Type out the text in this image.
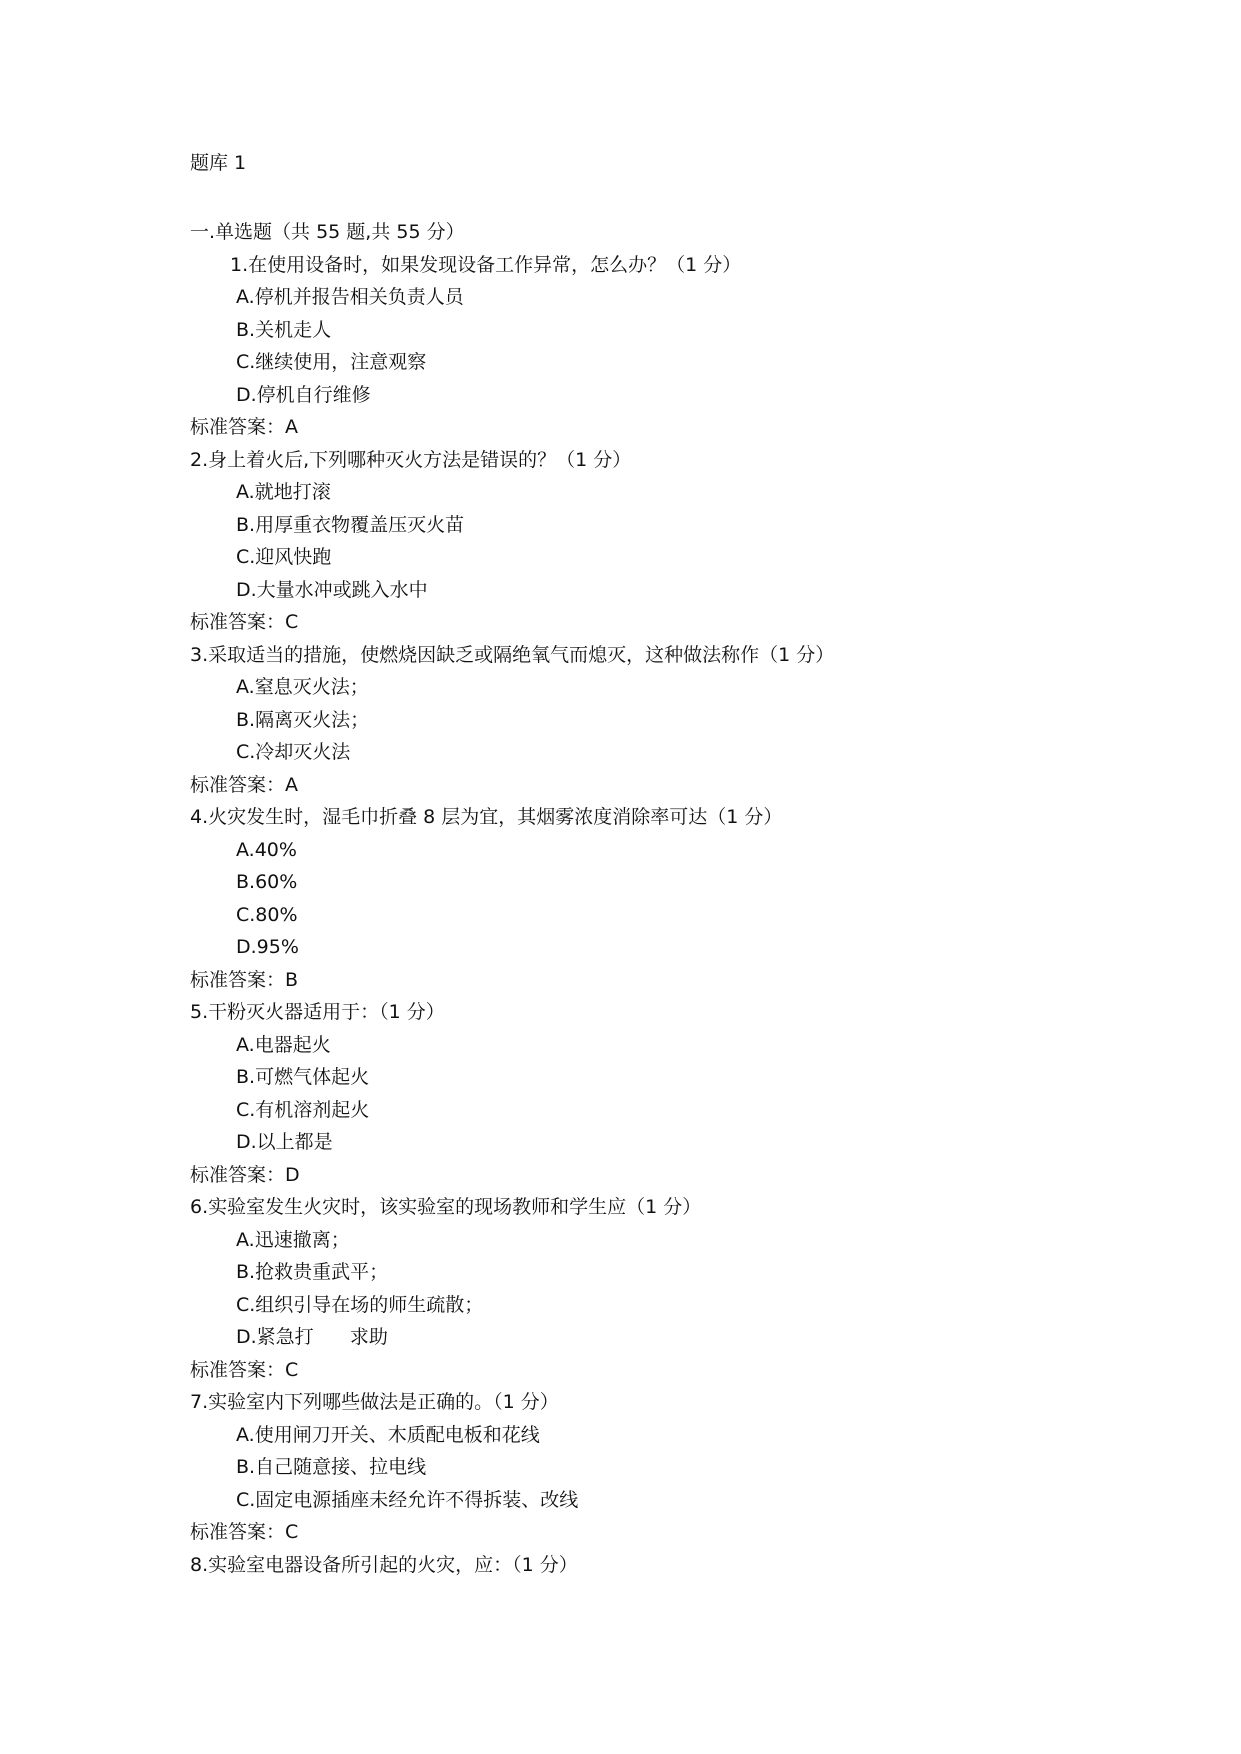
题库 1
一.单选题（共 55 题,共 55 分）
1.在使用设备时，如果发现设备工作异常，怎么办？（1 分）
A.停机并报告相关负责人员
B.关机走人
C.继续使用，注意观察
D.停机自行维修
标准答案：A
2.身上着火后,下列哪种灭火方法是错误的？（1 分）
A.就地打滚
B.用厚重衣物覆盖压灭火苗
C.迎风快跑
D.大量水冲或跳入水中
标准答案：C
3.采取适当的措施，使燃烧因缺乏或隔绝氧气而熄灭，这种做法称作（1 分）
A.窒息灭火法；
B.隔离灭火法；
C.冷却灭火法
标准答案：A
4.火灾发生时，湿毛巾折叠 8 层为宜，其烟雾浓度消除率可达（1 分）
A.40%
B.60%
C.80%
D.95%
标准答案：B
5.干粉灭火器适用于：（1 分）
A.电器起火
B.可燃气体起火
C.有机溶剂起火
D.以上都是
标准答案：D
6.实验室发生火灾时，该实验室的现场教师和学生应（1 分）
A.迅速撤离；
B.抢救贵重武平；
C.组织引导在场的师生疏散；
D.紧急打      求助
标准答案：C
7.实验室内下列哪些做法是正确的。（1 分）
A.使用闸刀开关、木质配电板和花线
B.自己随意接、拉电线
C.固定电源插座未经允许不得拆装、改线
标准答案：C
8.实验室电器设备所引起的火灾，应：（1 分）
